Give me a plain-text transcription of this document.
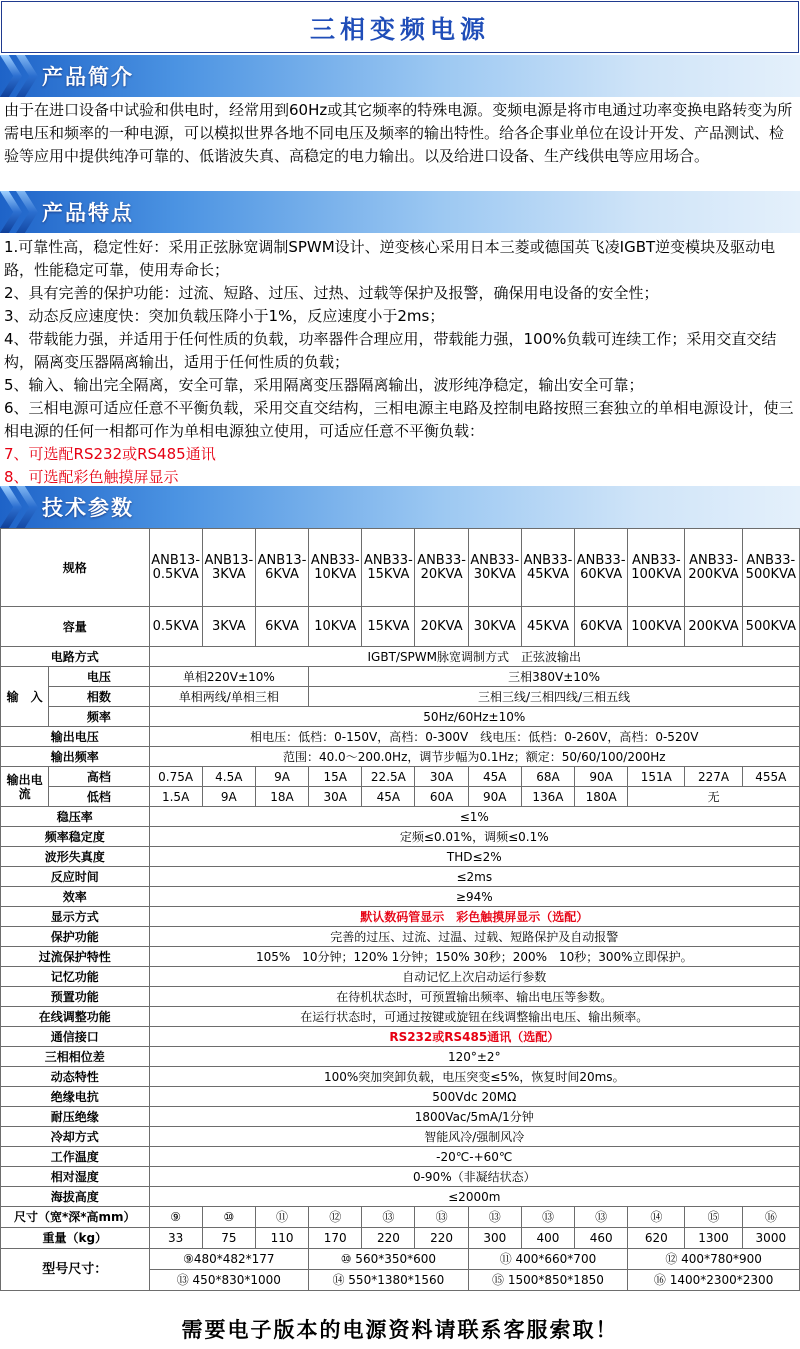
三相变频电源
产品简介

由于在进口设备中试验和供电时，经常用到60Hz或其它频率的特殊电源。变频电源是将市电通过功率变换电路转变为所需电压和频率的一种电源，可以模拟世界各地不同电压及频率的输出特性。给各企事业单位在设计开发、产品测试、检验等应用中提供纯净可靠的、低谐波失真、高稳定的电力输出。以及给进口设备、生产线供电等应用场合。

产品特点

1.可靠性高，稳定性好：采用正弦脉宽调制SPWM设计、逆变核心采用日本三菱或德国英飞凌IGBT逆变模块及驱动电路，性能稳定可靠，使用寿命长；

2、具有完善的保护功能：过流、短路、过压、过热、过载等保护及报警，确保用电设备的安全性；

3、动态反应速度快：突加负载压降小于1%，反应速度小于2ms；

4、带载能力强，并适用于任何性质的负载，功率器件合理应用，带载能力强，100%负载可连续工作；采用交直交结构，隔离变压器隔离输出，适用于任何性质的负载；

5、输入、输出完全隔离，安全可靠，采用隔离变压器隔离输出，波形纯净稳定，输出安全可靠；

6、三相电源可适应任意不平衡负载，采用交直交结构，三相电源主电路及控制电路按照三套独立的单相电源设计，使三相电源的任何一相都可作为单相电源独立使用，可适应任意不平衡负载：

7、可选配RS232或RS485通讯

8、可选配彩色触摸屏显示

技术参数
规格		ANB13-0.5KVA	ANB13-3KVA	ANB13-6KVA	ANB33-10KVA	ANB33-15KVA	ANB33-20KVA	ANB33-30KVA	ANB33-45KVA	ANB33-60KVA	ANB33-100KVA	ANB33-200KVA	ANB33-500KVA
容量		0.5KVA	3KVA	6KVA	10KVA	15KVA	20KVA	30KVA	45KVA	60KVA	100KVA	200KVA	500KVA
电路方式		IGBT/SPWM脉宽调制方式　正弦波输出											
输　入	电压	单相220V±10%			三相380V±10%								
	相数	单相两线/单相三相			三相三线/三相四线/三相五线								
	频率	50Hz/60Hz±10%											
输出电压		相电压：低档：0-150V，高档：0-300V　线电压：低档：0-260V，高档：0-520V											
输出频率		范围：40.0～200.0Hz，调节步幅为0.1Hz；额定：50/60/100/200Hz											
输出电流	高档	0.75A	4.5A	9A	15A	22.5A	30A	45A	68A	90A	151A	227A	455A
	低档	1.5A	9A	18A	30A	45A	60A	90A	136A	180A	无		
稳压率		≤1%											
频率稳定度		定频≤0.01%，调频≤0.1%											
波形失真度		THD≤2%											
反应时间		≤2ms											
效率		≥94%											
显示方式		默认数码管显示　彩色触摸屏显示（选配）											
保护功能		完善的过压、过流、过温、过载、短路保护及自动报警											
过流保护特性		105%　10分钟；120% 1分钟；150% 30秒；200%　10秒；300%立即保护。											
记忆功能		自动记忆上次启动运行参数											
预置功能		在待机状态时，可预置输出频率、输出电压等参数。											
在线调整功能		在运行状态时，可通过按键或旋钮在线调整输出电压、输出频率。											
通信接口		RS232或RS485通讯（选配）											
三相相位差		120°±2°											
动态特性		100%突加突卸负载，电压突变≤5%，恢复时间20ms。											
绝缘电抗		500Vdc 20MΩ											
耐压绝缘		1800Vac/5mA/1分钟											
冷却方式		智能风冷/强制风冷											
工作温度		-20℃-+60℃											
相对湿度		0-90%（非凝结状态）											
海拔高度		≤2000m											
尺寸（宽*深*高mm）		⑨	⑩	⑪	⑫	⑬	⑬	⑬	⑬	⑬	⑭	⑮	⑯
重量（kg）		33	75	110	170	220	220	300	400	460	620	1300	3000
型号尺寸：		⑨480*482*177			⑩ 560*350*600			⑪ 400*660*700			⑫ 400*780*900		
		⑬ 450*830*1000			⑭ 550*1380*1560			⑮ 1500*850*1850			⑯ 1400*2300*2300		
需要电子版本的电源资料请联系客服索取！
